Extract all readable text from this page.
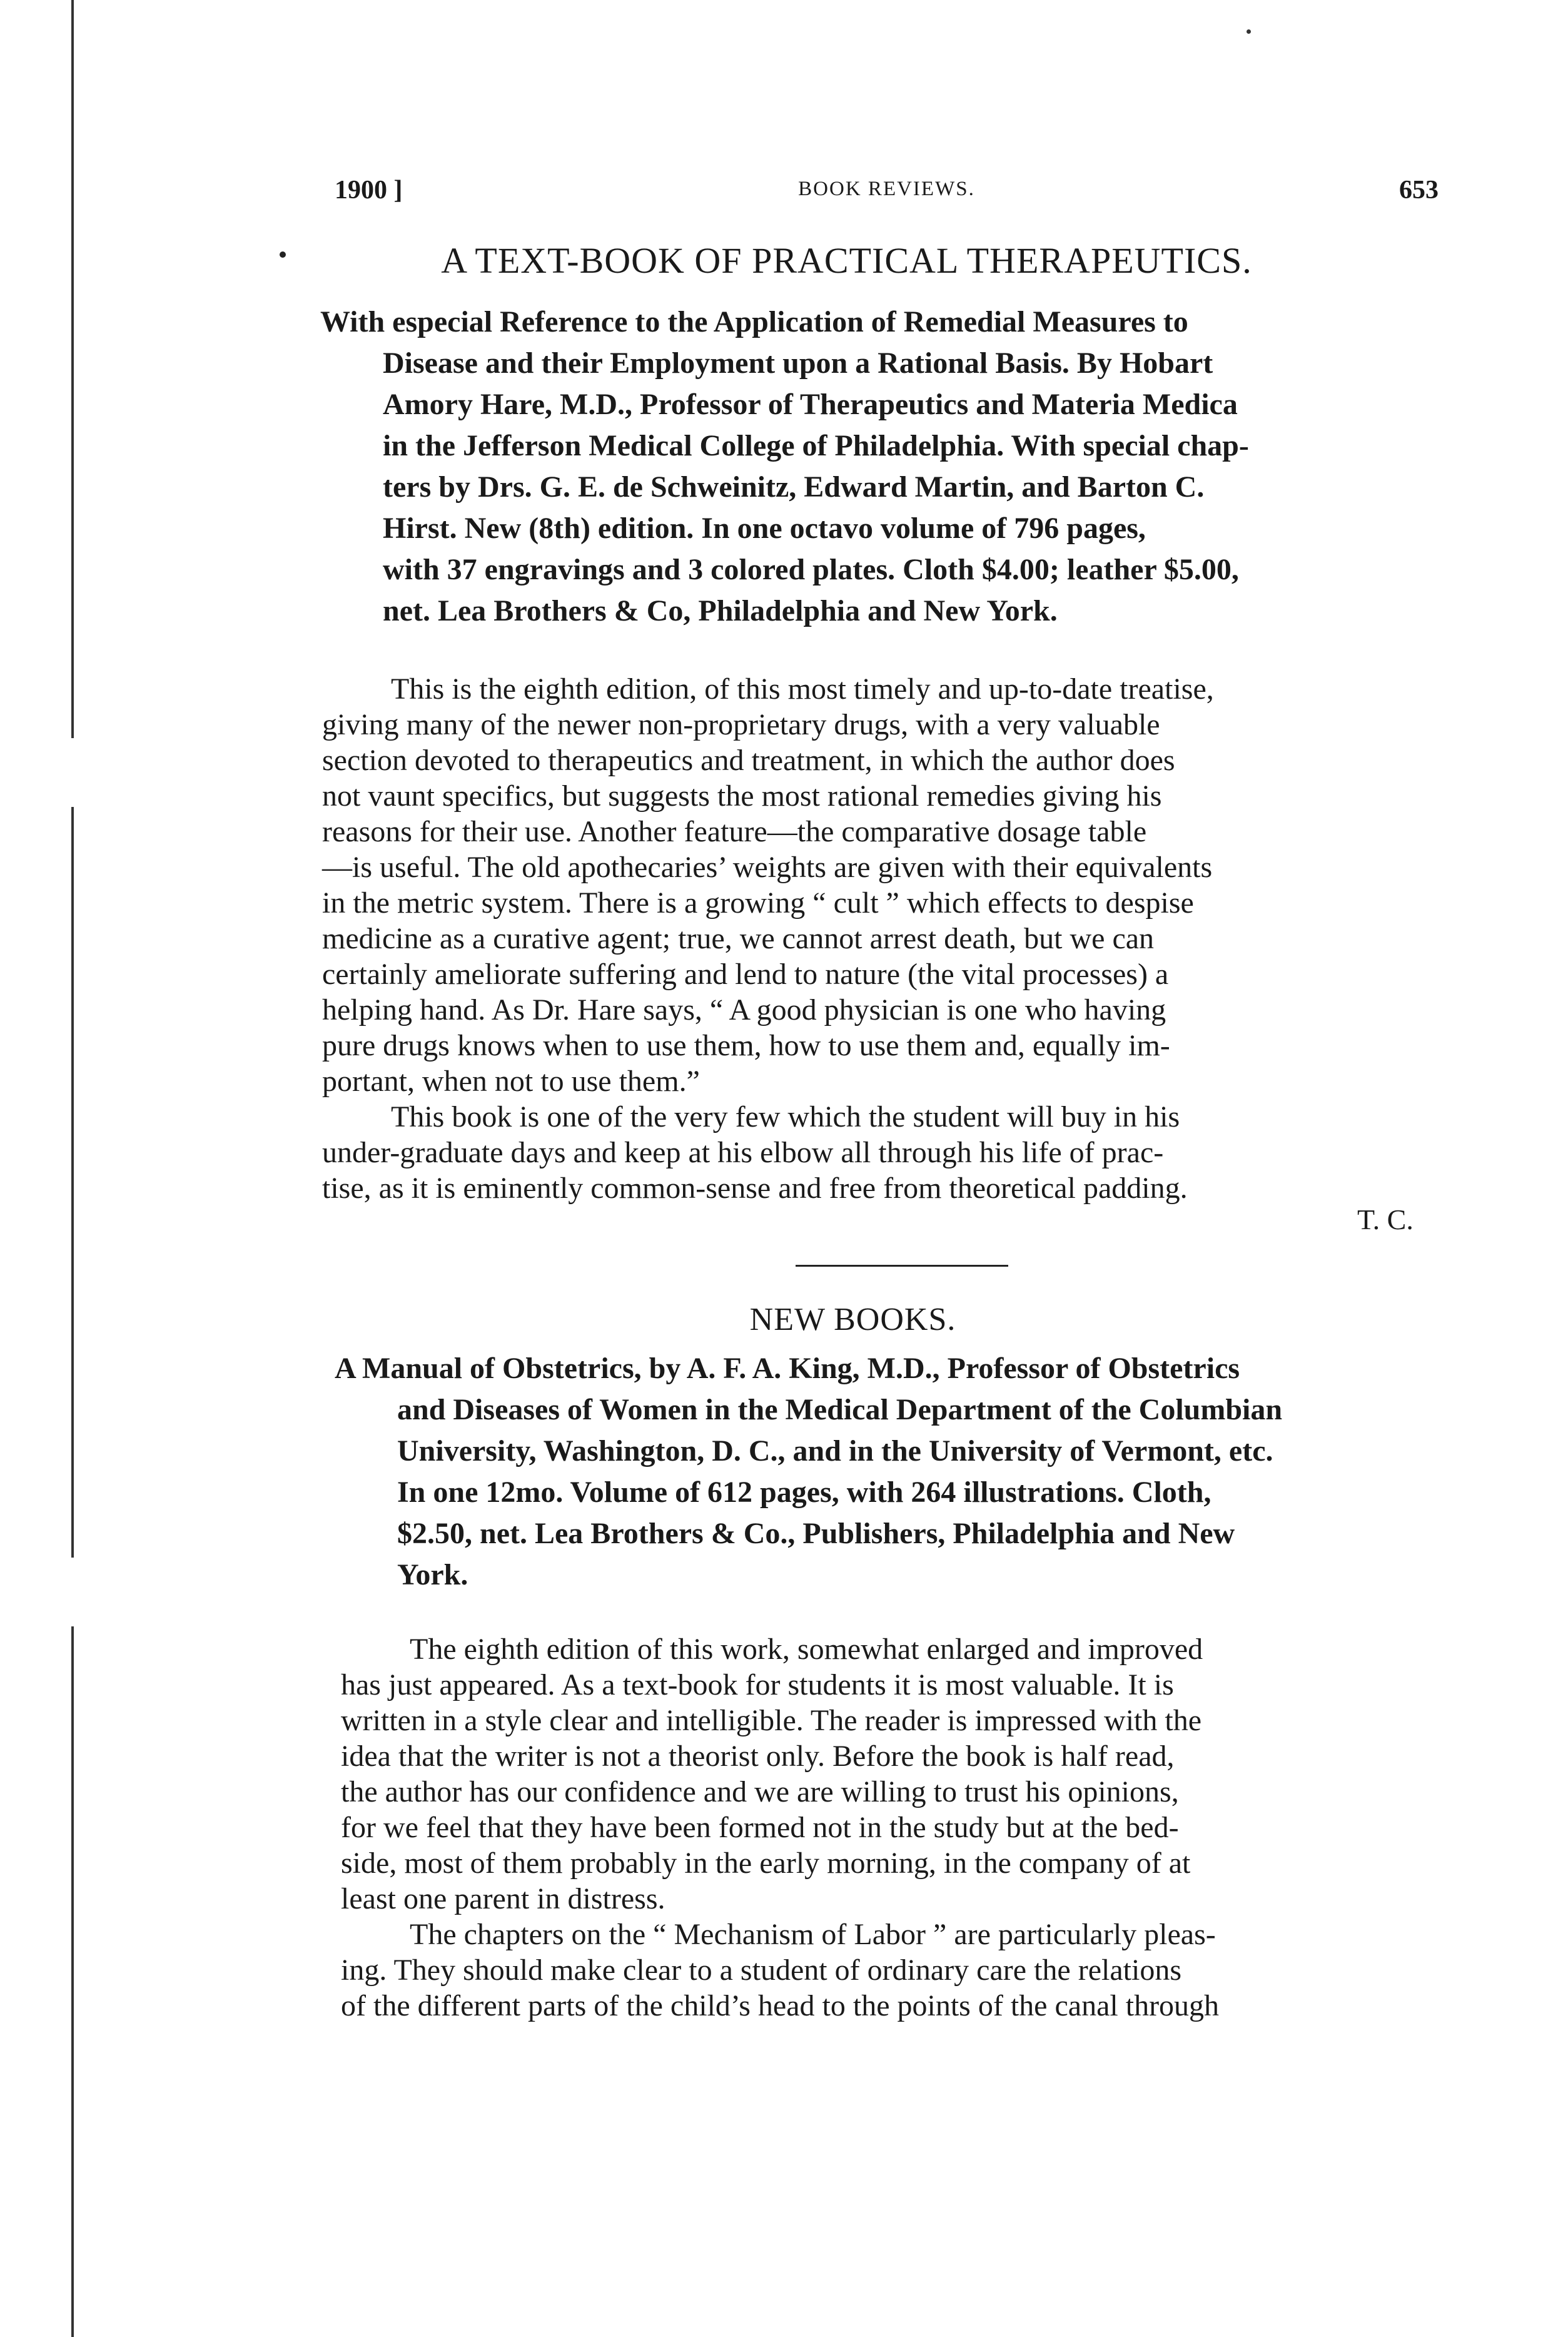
1900 ]	BOOK REVIEWS.	653
A TEXT-BOOK OF PRACTICAL THERAPEUTICS.
With especial Reference to the Application of Remedial Measures to
Disease and their Employment upon a Rational Basis. By Hobart
Amory Hare, M.D., Professor of Therapeutics and Materia Medica
in the Jefferson Medical College of Philadelphia. With special chap-
ters by Drs. G. E. de Schweinitz, Edward Martin, and Barton C.
Hirst. New (8th) edition. In one octavo volume of 796 pages,
with 37 engravings and 3 colored plates. Cloth $4.00; leather $5.00,
net. Lea Brothers & Co, Philadelphia and New York.
This is the eighth edition, of this most timely and up-to-date treatise,
giving many of the newer non-proprietary drugs, with a very valuable
section devoted to therapeutics and treatment, in which the author does
not vaunt specifics, but suggests the most rational remedies giving his
reasons for their use. Another feature—the comparative dosage table
—is useful. The old apothecaries’ weights are given with their equivalents
in the metric system. There is a growing “ cult ” which effects to despise
medicine as a curative agent; true, we cannot arrest death, but we can
certainly ameliorate suffering and lend to nature (the vital processes) a
helping hand. As Dr. Hare says, “ A good physician is one who having
pure drugs knows when to use them, how to use them and, equally im-
portant, when not to use them.”
This book is one of the very few which the student will buy in his
under-graduate days and keep at his elbow all through his life of prac-
tise, as it is eminently common-sense and free from theoretical padding.
T. C.
NEW BOOKS.
A Manual of Obstetrics, by A. F. A. King, M.D., Professor of Obstetrics
and Diseases of Women in the Medical Department of the Columbian
University, Washington, D. C., and in the University of Vermont, etc.
In one 12mo. Volume of 612 pages, with 264 illustrations. Cloth,
$2.50, net. Lea Brothers & Co., Publishers, Philadelphia and New
York.
The eighth edition of this work, somewhat enlarged and improved
has just appeared. As a text-book for students it is most valuable. It is
written in a style clear and intelligible. The reader is impressed with the
idea that the writer is not a theorist only. Before the book is half read,
the author has our confidence and we are willing to trust his opinions,
for we feel that they have been formed not in the study but at the bed-
side, most of them probably in the early morning, in the company of at
least one parent in distress.
The chapters on the “ Mechanism of Labor ” are particularly pleas-
ing. They should make clear to a student of ordinary care the relations
of the different parts of the child’s head to the points of the canal through
